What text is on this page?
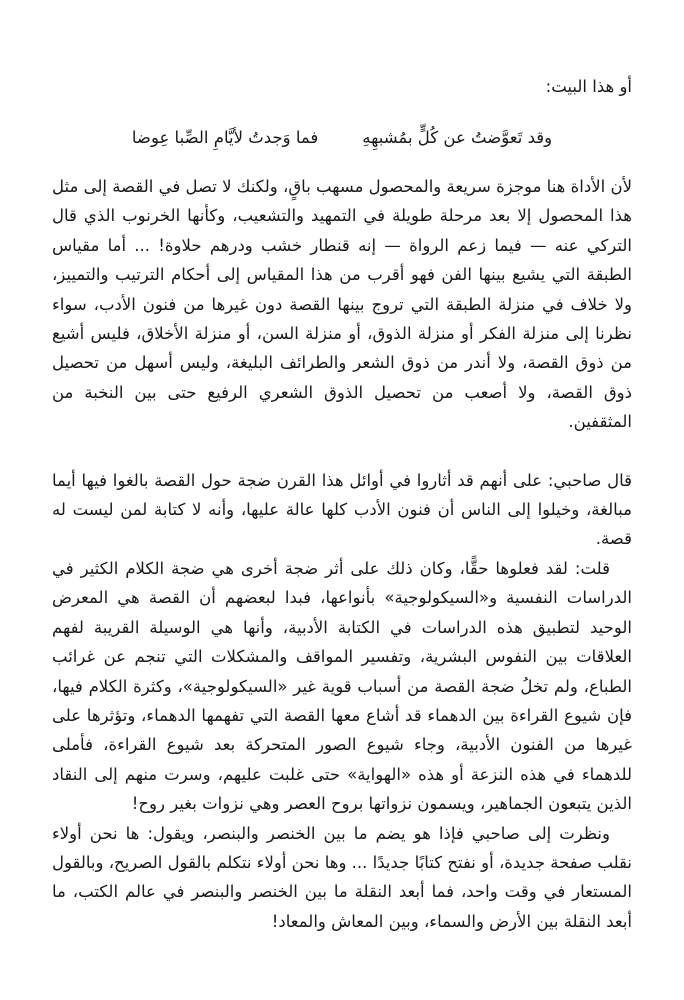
أو هذا البيت:

وقد تَعوَّضتُ عن كُلٍّ بمُشبهِهِ
فما وَجدتُ لأيَّامِ الصِّبا عِوضا

لأن الأداة هنا موجزة سريعة والمحصول مسهب باقٍ، ولكنك لا تصل في القصة إلى مثل هذا المحصول إلا بعد مرحلة طويلة في التمهيد والتشعيب، وكأنها الخرنوب الذي قال التركي عنه — فيما زعم الرواة — إنه قنطار خشب ودرهم حلاوة! ... أما مقياس الطبقة التي يشيع بينها الفن فهو أقرب من هذا المقياس إلى أحكام الترتيب والتمييز، ولا خلاف في منزلة الطبقة التي تروج بينها القصة دون غيرها من فنون الأدب، سواء نظرنا إلى منزلة الفكر أو منزلة الذوق، أو منزلة السن، أو منزلة الأخلاق، فليس أشيع من ذوق القصة، ولا أندر من ذوق الشعر والطرائف البليغة، وليس أسهل من تحصيل ذوق القصة، ولا أصعب من تحصيل الذوق الشعري الرفيع حتى بين النخبة من المثقفين.

قال صاحبي: على أنهم قد أثاروا في أوائل هذا القرن ضجة حول القصة بالغوا فيها أيما مبالغة، وخيلوا إلى الناس أن فنون الأدب كلها عالة عليها، وأنه لا كتابة لمن ليست له قصة.

قلت: لقد فعلوها حقًّا، وكان ذلك على أثر ضجة أخرى هي ضجة الكلام الكثير في الدراسات النفسية و«السيكولوجية» بأنواعها، فبدا لبعضهم أن القصة هي المعرض الوحيد لتطبيق هذه الدراسات في الكتابة الأدبية، وأنها هي الوسيلة القريبة لفهم العلاقات بين النفوس البشرية، وتفسير المواقف والمشكلات التي تنجم عن غرائب الطباع، ولم تخلُ ضجة القصة من أسباب قوية غير «السيكولوجية»، وكثرة الكلام فيها، فإن شيوع القراءة بين الدهماء قد أشاع معها القصة التي تفهمها الدهماء، وتؤثرها على غيرها من الفنون الأدبية، وجاء شيوع الصور المتحركة بعد شيوع القراءة، فأملى للدهماء في هذه النزعة أو هذه «الهواية» حتى غلبت عليهم، وسرت منهم إلى النقاد الذين يتبعون الجماهير، ويسمون نزواتها بروح العصر وهي نزوات بغير روح!

ونظرت إلى صاحبي فإذا هو يضم ما بين الخنصر والبنصر، ويقول: ها نحن أولاء نقلب صفحة جديدة، أو نفتح كتابًا جديدًا ... وها نحن أولاء نتكلم بالقول الصريح، وبالقول المستعار في وقت واحد، فما أبعد النقلة ما بين الخنصر والبنصر في عالم الكتب، ما أبعد النقلة بين الأرض والسماء، وبين المعاش والمعاد!
